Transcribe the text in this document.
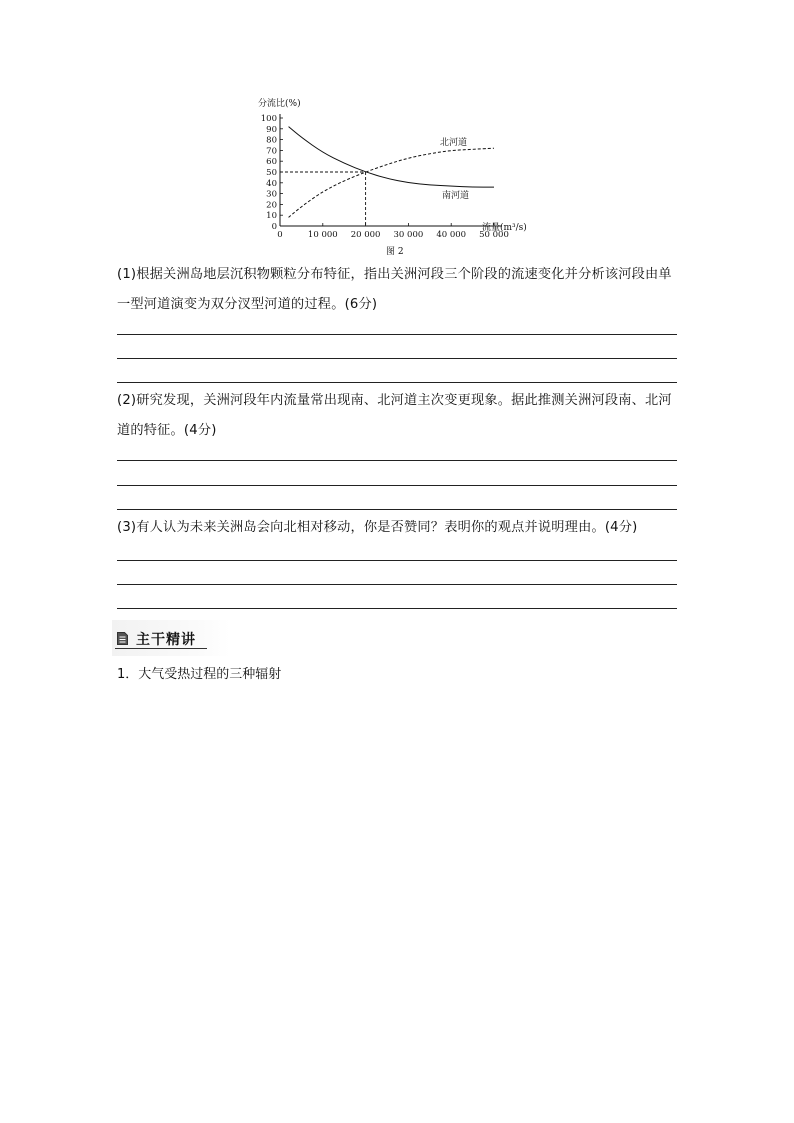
分流比(%)
流量(m³/s)
北河道
南河道
图 2
0
10
20
30
40
50
60
70
80
90
100
0	10 000 20 000 30 000 40 000 50 000
(1)根据关洲岛地层沉积物颗粒分布特征，指出关洲河段三个阶段的流速变化并分析该河段由单一型河道演变为双分汊型河道的过程。(6分)
(2)研究发现，关洲河段年内流量常出现南、北河道主次变更现象。据此推测关洲河段南、北河道的特征。(4分)
(3)有人认为未来关洲岛会向北相对移动，你是否赞同？表明你的观点并说明理由。(4分)
主干精讲
1．大气受热过程的三种辐射
